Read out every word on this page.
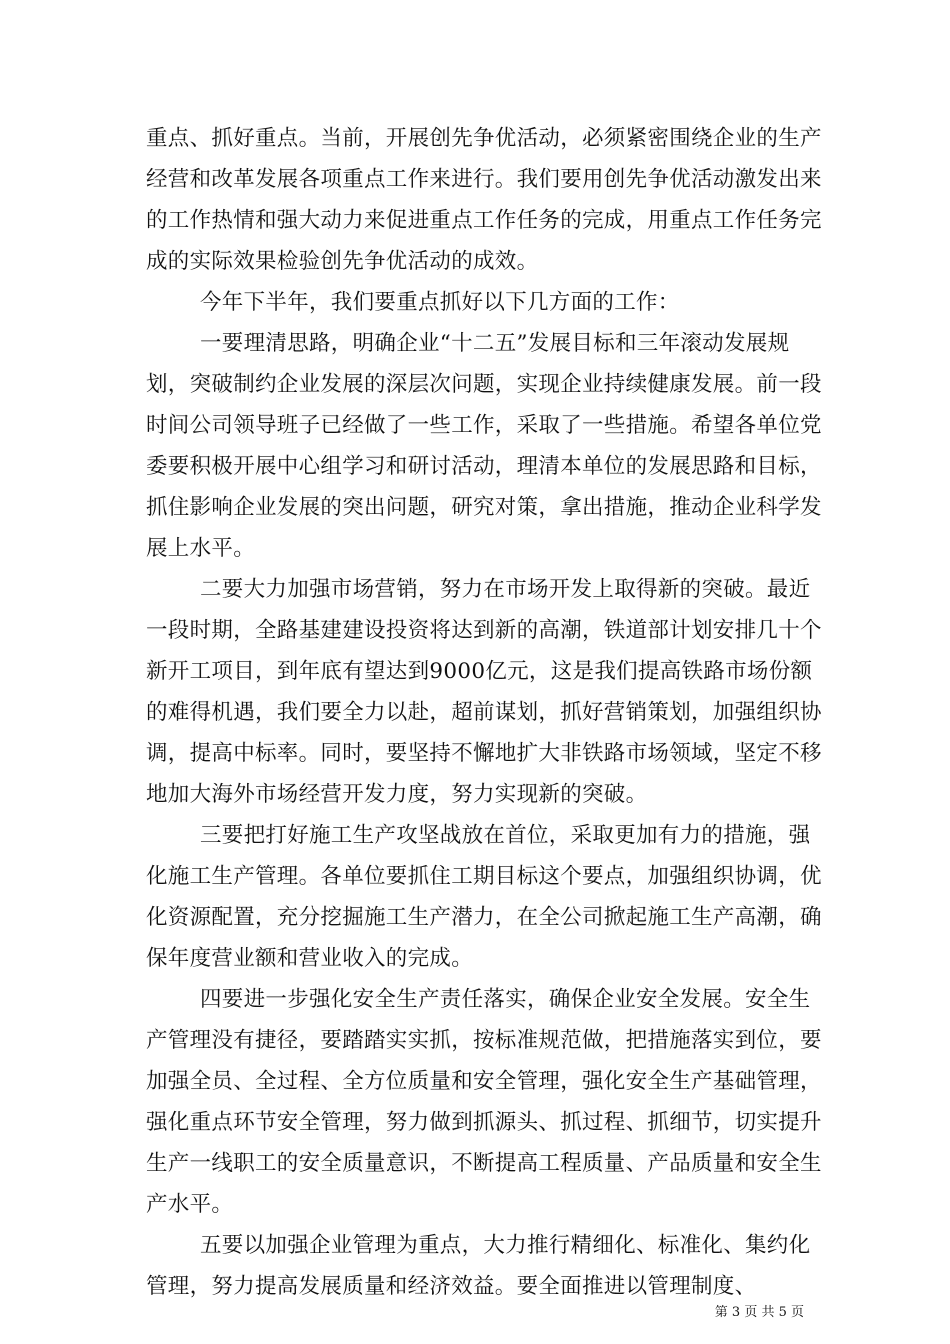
重点、抓好重点。当前，开展创先争优活动，必须紧密围绕企业的生产经营和改革发展各项重点工作来进行。我们要用创先争优活动激发出来的工作热情和强大动力来促进重点工作任务的完成，用重点工作任务完成的实际效果检验创先争优活动的成效。

今年下半年，我们要重点抓好以下几方面的工作：

一要理清思路，明确企业“十二五”发展目标和三年滚动发展规划，突破制约企业发展的深层次问题，实现企业持续健康发展。前一段时间公司领导班子已经做了一些工作，采取了一些措施。希望各单位党委要积极开展中心组学习和研讨活动，理清本单位的发展思路和目标，抓住影响企业发展的突出问题，研究对策，拿出措施，推动企业科学发展上水平。

二要大力加强市场营销，努力在市场开发上取得新的突破。最近一段时期，全路基建建设投资将达到新的高潮，铁道部计划安排几十个新开工项目，到年底有望达到9000亿元，这是我们提高铁路市场份额的难得机遇，我们要全力以赴，超前谋划，抓好营销策划，加强组织协调，提高中标率。同时，要坚持不懈地扩大非铁路市场领域，坚定不移地加大海外市场经营开发力度，努力实现新的突破。

三要把打好施工生产攻坚战放在首位，采取更加有力的措施，强化施工生产管理。各单位要抓住工期目标这个要点，加强组织协调，优化资源配置，充分挖掘施工生产潜力，在全公司掀起施工生产高潮，确保年度营业额和营业收入的完成。

四要进一步强化安全生产责任落实，确保企业安全发展。安全生产管理没有捷径，要踏踏实实抓，按标准规范做，把措施落实到位，要加强全员、全过程、全方位质量和安全管理，强化安全生产基础管理，强化重点环节安全管理，努力做到抓源头、抓过程、抓细节，切实提升生产一线职工的安全质量意识，不断提高工程质量、产品质量和安全生产水平。

五要以加强企业管理为重点，大力推行精细化、标准化、集约化管理，努力提高发展质量和经济效益。要全面推进以管理制度、

第 3 页 共 5 页
